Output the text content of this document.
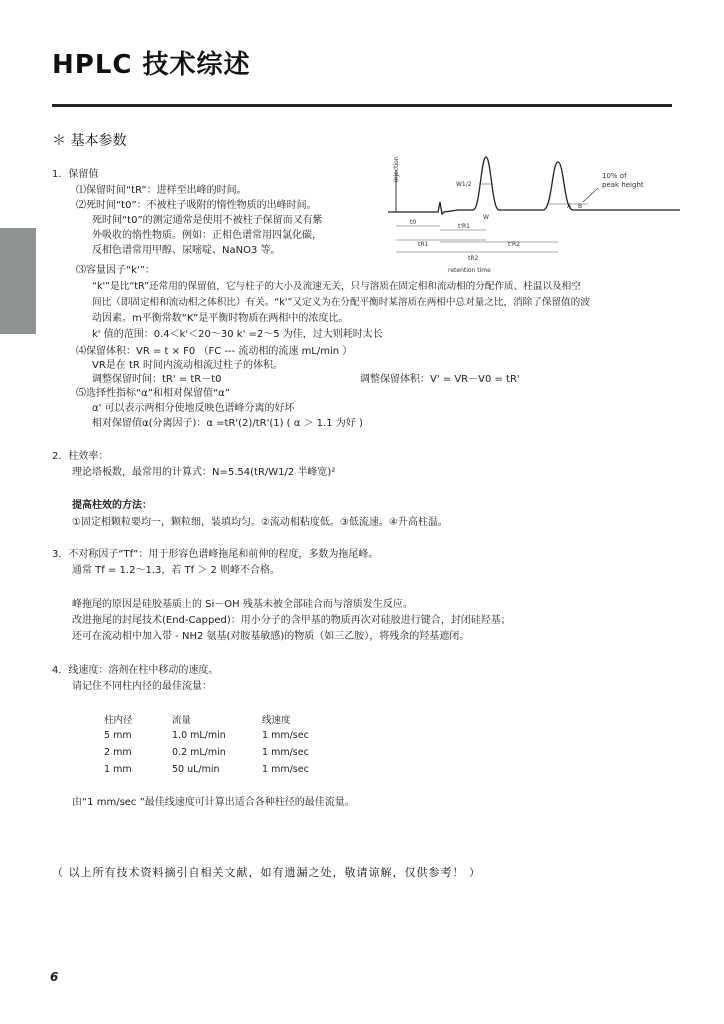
HPLC 技术综述
＊ 基本参数
1．保留值
⑴保留时间“tR”：进样至出峰的时间。
⑵死时间“t0”：不被柱子吸附的惰性物质的出峰时间。
死时间“t0”的测定通常是使用不被柱子保留而又有紫
外吸收的惰性物质。例如：正相色谱常用四氯化碳，
反相色谱常用甲醇、尿嘧啶、NaNO3 等。
⑶容量因子“k'”：
“k'”是比“tR”还常用的保留值，它与柱子的大小及流速无关，只与溶质在固定相和流动相的分配作质、柱温以及相空
间比（即固定相和流动相之体积比）有关。“k'”又定义为在分配平衡时某溶质在两相中总对量之比，消除了保留值的波
动因素。m平衡常数“K”是平衡时物质在两相中的浓度比。
k' 值的范围：0.4＜k'＜20～30 k' =2～5 为佳，过大则耗时太长
⑷保留体积：VR = t × F0 （FC --- 流动相的流速 mL/min ）
VR是在 tR 时间内流动相流过柱子的体积。
调整保留时间：tR' = tR－t0	调整保留体积：V' = VR－V0 = tR'
⑸选择性指标“α”和相对保留值“α”
α' 可以表示两相分使地反映色谱峰分离的好坏
相对保留值α(分离因子)：α =tR'(2)/tR'(1) ( α ＞ 1.1 为好 )
injection
A B
10% of
peak height
W1/2
W
t0
t'R1
tR1	t'R2
tR2
retention time
2．柱效率：
理论塔板数，最常用的计算式：N=5.54(tR/W1/2 半峰宽)²
提高柱效的方法：
①固定相颗粒要均一，颗粒细，装填均匀。②流动相粘度低。③低流速。④升高柱温。
3．不对称因子“Tf”：用于形容色谱峰拖尾和前伸的程度，多数为拖尾峰。
通常 Tf = 1.2～1.3，若 Tf ＞ 2 则峰不合格。
峰拖尾的原因是硅胶基质上的 Si－OH 残基未被全部硅合而与溶质发生反应。
改进拖尾的封尾技术(End-Capped)：用小分子的含甲基的物质再次对硅胶进行键合，封闭硅羟基；
还可在流动相中加入带 - NH2 氨基(对胺基敏感)的物质（如三乙胺），将残余的羟基遮闭。
4．线速度：溶剂在柱中移动的速度。
请记住不同柱内径的最佳流量：
柱内径	流量	线速度
5 mm	1.0 mL/min	1 mm/sec
2 mm	0.2 mL/min	1 mm/sec
1 mm	50 uL/min	1 mm/sec
由“1 mm/sec ”最佳线速度可计算出适合各种柱径的最佳流量。
（ 以上所有技术资料摘引自相关文献，如有遗漏之处，敬请谅解，仅供参考！ ）
6
